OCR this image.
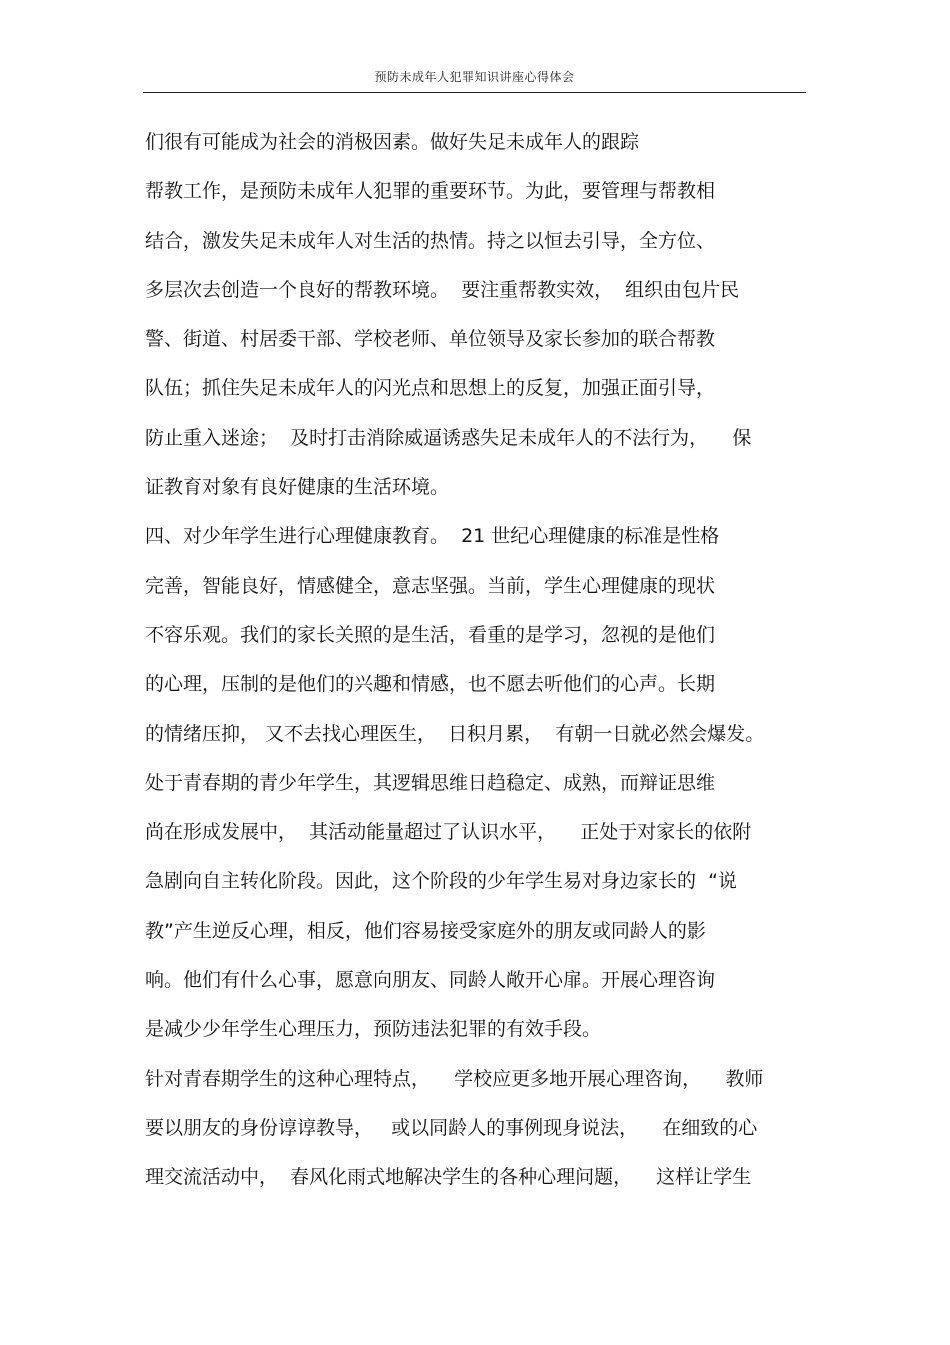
预防未成年人犯罪知识讲座心得体会
们很有可能成为社会的消极因素。做好失足未成年人的跟踪
帮教工作，是预防未成年人犯罪的重要环节。为此，要管理与帮教相
结合，激发失足未成年人对生活的热情。持之以恒去引导，全方位、
多层次去创造一个良好的帮教环境。  要注重帮教实效，  组织由包片民
警、街道、村居委干部、学校老师、单位领导及家长参加的联合帮教
队伍；抓住失足未成年人的闪光点和思想上的反复，加强正面引导，
防止重入迷途；  及时打击消除威逼诱惑失足未成年人的不法行为，    保
证教育对象有良好健康的生活环境。
四、对少年学生进行心理健康教育。  21 世纪心理健康的标准是性格
完善，智能良好，情感健全，意志坚强。当前，学生心理健康的现状
不容乐观。我们的家长关照的是生活，看重的是学习，忽视的是他们
的心理，压制的是他们的兴趣和情感，也不愿去听他们的心声。长期
的情绪压抑， 又不去找心理医生，  日积月累，  有朝一日就必然会爆发。
处于青春期的青少年学生，其逻辑思维日趋稳定、成熟，而辩证思维
尚在形成发展中，  其活动能量超过了认识水平，    正处于对家长的依附
急剧向自主转化阶段。因此，这个阶段的少年学生易对身边家长的  “说
教”产生逆反心理，相反，他们容易接受家庭外的朋友或同龄人的影
响。他们有什么心事，愿意向朋友、同龄人敞开心扉。开展心理咨询
是减少少年学生心理压力，预防违法犯罪的有效手段。
针对青春期学生的这种心理特点，    学校应更多地开展心理咨询，    教师
要以朋友的身份谆谆教导，   或以同龄人的事例现身说法，    在细致的心
理交流活动中，  春风化雨式地解决学生的各种心理问题，    这样让学生
